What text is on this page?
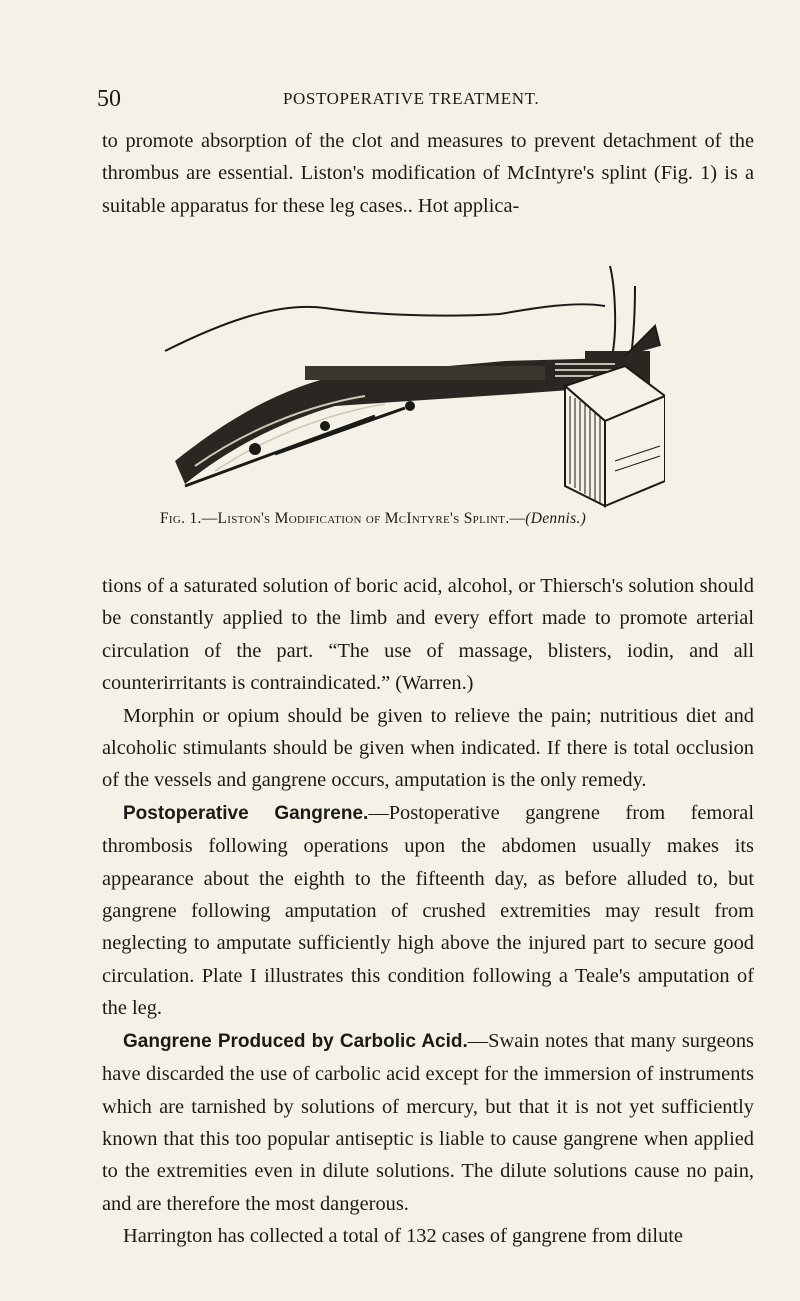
50	POSTOPERATIVE TREATMENT.

to promote absorption of the clot and measures to prevent detachment of the thrombus are essential. Liston's modification of McIntyre's splint (Fig. 1) is a suitable apparatus for these leg cases.. Hot applica-

Fig. 1.—Liston's Modification of McIntyre's Splint.—(Dennis.)

tions of a saturated solution of boric acid, alcohol, or Thiersch's solution should be constantly applied to the limb and every effort made to promote arterial circulation of the part. “The use of massage, blisters, iodin, and all counterirritants is contraindicated.” (Warren.)

Morphin or opium should be given to relieve the pain; nutritious diet and alcoholic stimulants should be given when indicated. If there is total occlusion of the vessels and gangrene occurs, amputation is the only remedy.

Postoperative Gangrene.—Postoperative gangrene from femoral thrombosis following operations upon the abdomen usually makes its appearance about the eighth to the fifteenth day, as before alluded to, but gangrene following amputation of crushed extremities may result from neglecting to amputate sufficiently high above the injured part to secure good circulation. Plate I illustrates this condition following a Teale's amputation of the leg.

Gangrene Produced by Carbolic Acid.—Swain notes that many surgeons have discarded the use of carbolic acid except for the immersion of instruments which are tarnished by solutions of mercury, but that it is not yet sufficiently known that this too popular antiseptic is liable to cause gangrene when applied to the extremities even in dilute solutions. The dilute solutions cause no pain, and are therefore the most dangerous.

Harrington has collected a total of 132 cases of gangrene from dilute
